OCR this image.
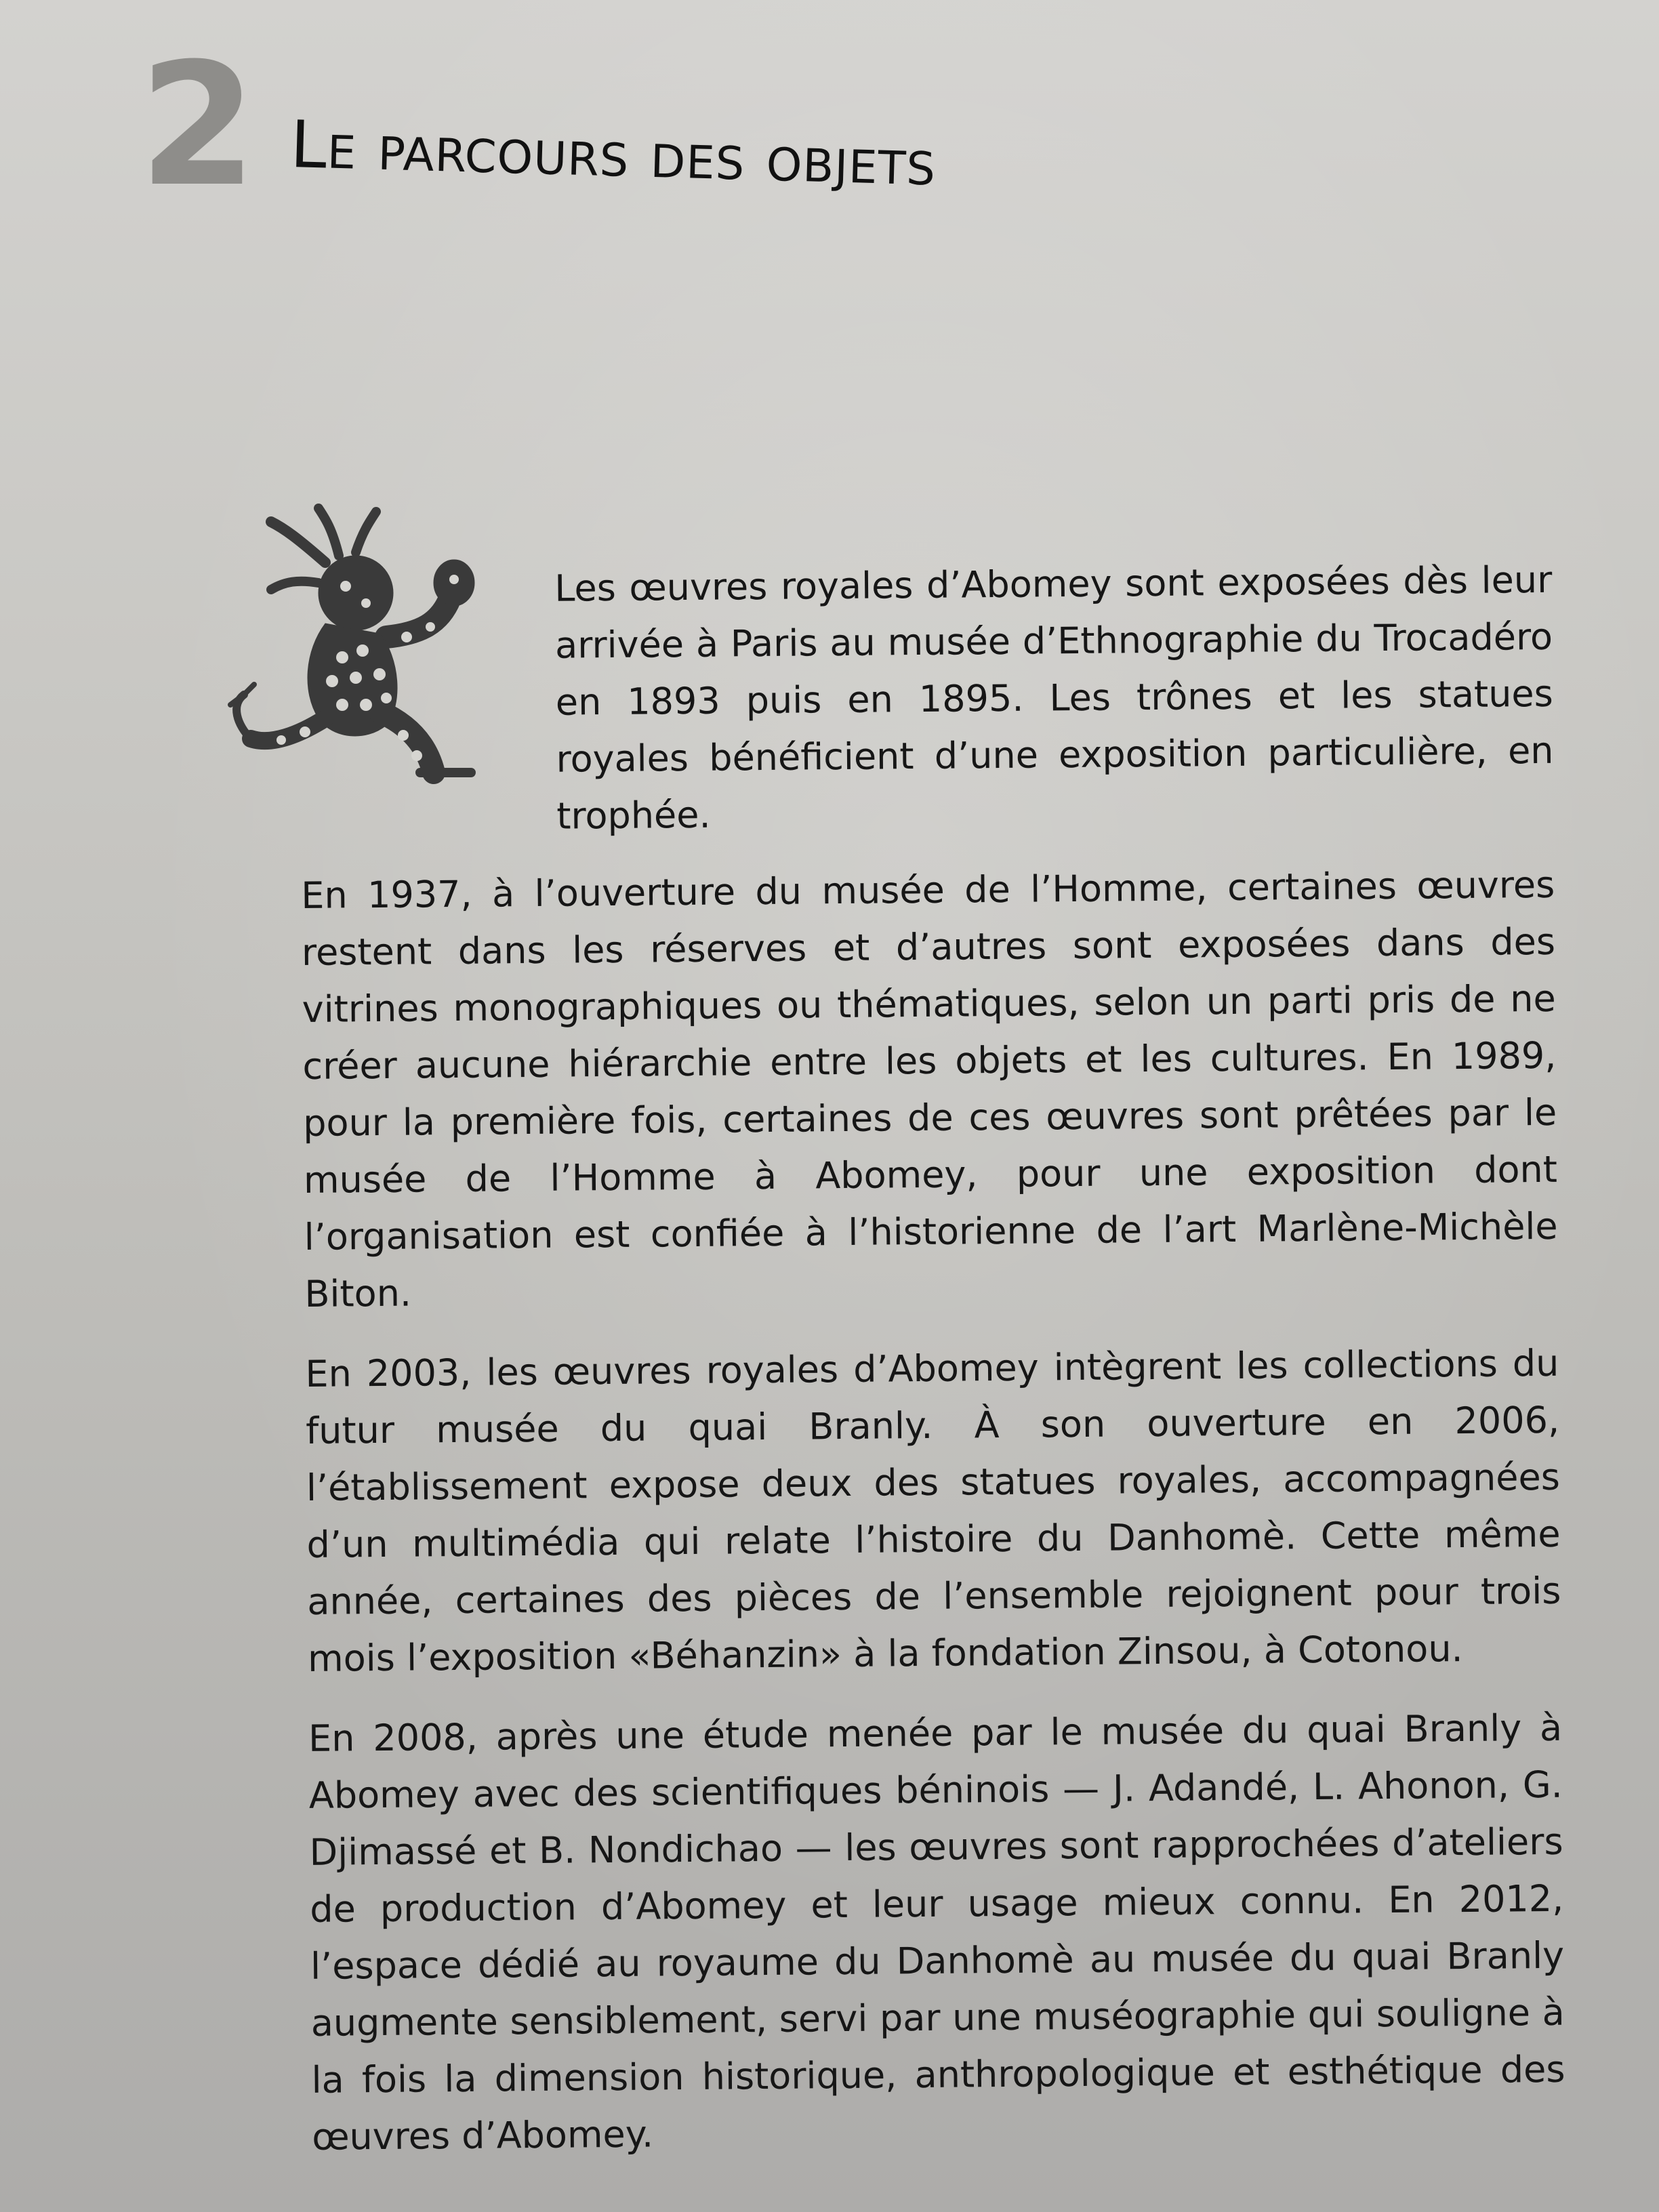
2 Le parcours des objets

Les œuvres royales d’Abomey sont exposées dès leur arrivée à Paris au musée d’Ethnographie du Trocadéro en 1893 puis en 1895. Les trônes et les statues royales bénéficient d’une exposition particulière, en trophée.

En 1937, à l’ouverture du musée de l’Homme, certaines œuvres restent dans les réserves et d’autres sont exposées dans des vitrines monographiques ou thématiques, selon un parti pris de ne créer aucune hiérarchie entre les objets et les cultures. En 1989, pour la première fois, certaines de ces œuvres sont prêtées par le musée de l’Homme à Abomey, pour une exposition dont l’organisation est confiée à l’historienne de l’art Marlène-Michèle Biton.

En 2003, les œuvres royales d’Abomey intègrent les collections du futur musée du quai Branly. À son ouverture en 2006, l’établissement expose deux des statues royales, accompagnées d’un multimédia qui relate l’histoire du Danhomè. Cette même année, certaines des pièces de l’ensemble rejoignent pour trois mois l’exposition «Béhanzin» à la fondation Zinsou, à Cotonou.

En 2008, après une étude menée par le musée du quai Branly à Abomey avec des scientifiques béninois — J. Adandé, L. Ahonon, G. Djimassé et B. Nondichao — les œuvres sont rapprochées d’ateliers de production d’Abomey et leur usage mieux connu. En 2012, l’espace dédié au royaume du Danhomè au musée du quai Branly augmente sensiblement, servi par une muséographie qui souligne à la fois la dimension historique, anthropologique et esthétique des œuvres d’Abomey.
